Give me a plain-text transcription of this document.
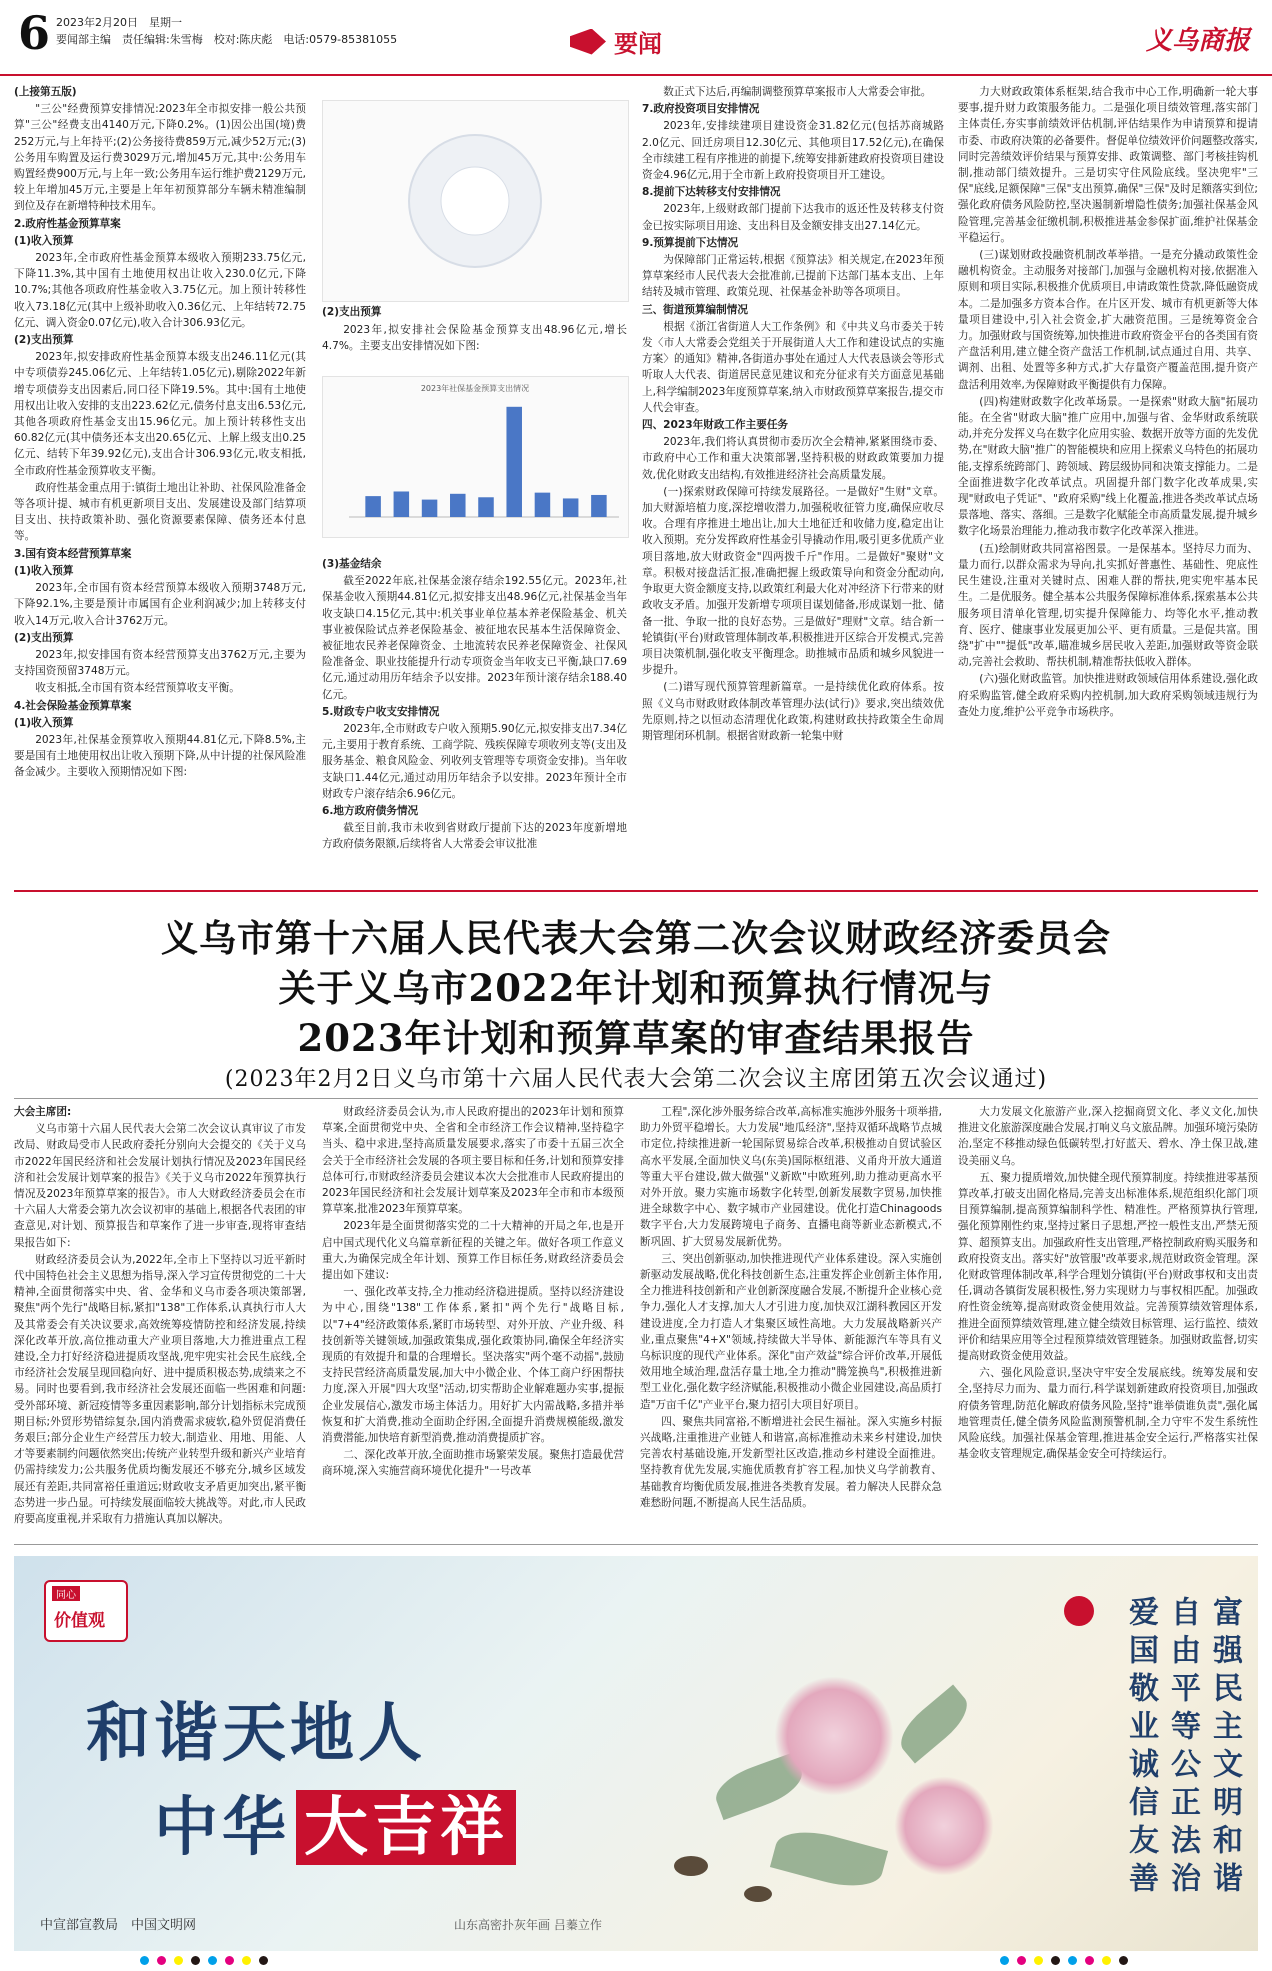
6 2023年2月20日　星期一
要闻部主编　责任编辑:朱雪梅　校对:陈庆彪　电话:0579-85381055	要闻	义乌商报

(上接第五版)

"三公"经费预算安排情况:2023年全市拟安排一般公共预算"三公"经费支出4140万元,下降0.2%。(1)因公出国(境)费252万元,与上年持平;(2)公务接待费859万元,减少52万元;(3)公务用车购置及运行费3029万元,增加45万元,其中:公务用车购置经费900万元,与上年一致;公务用车运行维护费2129万元,较上年增加45万元,主要是上年年初预算部分车辆未精准编制到位及存在新增特种技术用车。

2.政府性基金预算草案

(1)收入预算

2023年,全市政府性基金预算本级收入预期233.75亿元,下降11.3%,其中国有土地使用权出让收入230.0亿元,下降10.7%;其他各项政府性基金收入3.75亿元。加上预计转移性收入73.18亿元(其中上级补助收入0.36亿元、上年结转72.75亿元、调入资金0.07亿元),收入合计306.93亿元。

(2)支出预算

2023年,拟安排政府性基金预算本级支出246.11亿元(其中专项债券245.06亿元、上年结转1.05亿元),剔除2022年新增专项债券支出因素后,同口径下降19.5%。其中:国有土地使用权出让收入安排的支出223.62亿元,债务付息支出6.53亿元,其他各项政府性基金支出15.96亿元。加上预计转移性支出60.82亿元(其中债务还本支出20.65亿元、上解上级支出0.25亿元、结转下年39.92亿元),支出合计306.93亿元,收支相抵,全市政府性基金预算收支平衡。

政府性基金重点用于:镇街土地出让补助、社保风险准备金等各项计提、城市有机更新项目支出、发展建设及部门结算项目支出、扶持政策补助、强化资源要素保障、债务还本付息等。

3.国有资本经营预算草案

(1)收入预算

2023年,全市国有资本经营预算本级收入预期3748万元,下降92.1%,主要是预计市属国有企业利润减少;加上转移支付收入14万元,收入合计3762万元。

(2)支出预算

2023年,拟安排国有资本经营预算支出3762万元,主要为支持国资预留3748万元。

收支相抵,全市国有资本经营预算收支平衡。

4.社会保险基金预算草案

(1)收入预算

2023年,社保基金预算收入预期44.81亿元,下降8.5%,主要是国有土地使用权出让收入预期下降,从中计提的社保风险准备金减少。主要收入预期情况如下图:

(2)支出预算

2023年,拟安排社会保险基金预算支出48.96亿元,增长4.7%。主要支出安排情况如下图:

2023年社保基金预算支出情况

(3)基金结余

截至2022年底,社保基金滚存结余192.55亿元。2023年,社保基金收入预期44.81亿元,拟安排支出48.96亿元,社保基金当年收支缺口4.15亿元,其中:机关事业单位基本养老保险基金、机关事业被保险试点养老保险基金、被征地农民基本生活保障资金、被征地农民养老保障资金、土地流转农民养老保障资金、社保风险准备金、职业技能提升行动专项资金当年收支已平衡,缺口7.69亿元,通过动用历年结余予以安排。2023年预计滚存结余188.40亿元。

5.财政专户收支安排情况

2023年,全市财政专户收入预期5.90亿元,拟安排支出7.34亿元,主要用于教育系统、工商学院、残疾保障专项收列支等(支出及服务基金、粮食风险金、列收列支管理等专项资金安排)。当年收支缺口1.44亿元,通过动用历年结余予以安排。2023年预计全市财政专户滚存结余6.96亿元。

6.地方政府债务情况

截至目前,我市未收到省财政厅提前下达的2023年度新增地方政府债务限额,后续将省人大常委会审议批准

数正式下达后,再编制调整预算草案报市人大常委会审批。

7.政府投资项目安排情况

2023年,安排续建项目建设资金31.82亿元(包括苏商城路2.0亿元、回迁房项目12.30亿元、其他项目17.52亿元),在确保全市续建工程有序推进的前提下,统筹安排新建政府投资项目建设资金4.96亿元,用于全市新上政府投资项目开工建设。

8.提前下达转移支付安排情况

2023年,上级财政部门提前下达我市的返还性及转移支付资金已按实际项目用途、支出科目及金额安排支出27.14亿元。

9.预算提前下达情况

为保障部门正常运转,根据《预算法》相关规定,在2023年预算草案经市人民代表大会批准前,已提前下达部门基本支出、上年结转及城市管理、政策兑现、社保基金补助等各项项目。

三、街道预算编制情况

根据《浙江省街道人大工作条例》和《中共义乌市委关于转发〈市人大常委会党组关于开展街道人大工作和建设试点的实施方案〉的通知》精神,各街道办事处在通过人大代表恳谈会等形式听取人大代表、街道居民意见建议和充分征求有关方面意见基础上,科学编制2023年度预算草案,纳入市财政预算草案报告,提交市人代会审查。

四、2023年财政工作主要任务

2023年,我们将认真贯彻市委历次全会精神,紧紧围绕市委、市政府中心工作和重大决策部署,坚持积极的财政政策要加力提效,优化财政支出结构,有效推进经济社会高质量发展。

(一)探索财政保障可持续发展路径。一是做好"生财"文章。加大财源培植力度,深挖增收潜力,加强税收征管力度,确保应收尽收。合理有序推进土地出让,加大土地征迁和收储力度,稳定出让收入预期。充分发挥政府性基金引导撬动作用,吸引更多优质产业项目落地,放大财政资金"四两拨千斤"作用。二是做好"聚财"文章。积极对接盘活汇报,准确把握上级政策导向和资金分配动向,争取更大资金额度支持,以政策红利最大化对冲经济下行带来的财政收支矛盾。加强开发新增专项项目谋划储备,形成谋划一批、储备一批、争取一批的良好态势。三是做好"理财"文章。结合新一轮镇街(平台)财政管理体制改革,积极推进开区综合开发模式,完善项目决策机制,强化收支平衡理念。助推城市品质和城乡风貌进一步提升。

(二)谱写现代预算管理新篇章。一是持续优化政府体系。按照《义乌市财政财政体制改革管理办法(试行)》要求,突出绩效优先原则,持之以恒动态清理优化政策,构建财政扶持政策全生命周期管理闭环机制。根据省财政新一轮集中财

力大财政政策体系框架,结合我市中心工作,明确新一轮大事要事,提升财力政策服务能力。二是强化项目绩效管理,落实部门主体责任,夯实事前绩效评估机制,评估结果作为申请预算和提请市委、市政府决策的必备要件。督促单位绩效评价问题整改落实,同时完善绩效评价结果与预算安排、政策调整、部门考核挂钩机制,推动部门绩效提升。三是切实守住风险底线。坚决兜牢"三保"底线,足额保障"三保"支出预算,确保"三保"及时足额落实到位;强化政府债务风险防控,坚决遏制新增隐性债务;加强社保基金风险管理,完善基金征缴机制,积极推进基金参保扩面,维护社保基金平稳运行。

(三)谋划财政投融资机制改革举措。一是充分撬动政策性金融机构资金。主动服务对接部门,加强与金融机构对接,依据准入原则和项目实际,积极推介优质项目,申请政策性贷款,降低融资成本。二是加强多方资本合作。在片区开发、城市有机更新等大体量项目建设中,引入社会资金,扩大融资范围。三是统筹资金合力。加强财政与国资统筹,加快推进市政府资金平台的各类国有资产盘活利用,建立健全资产盘活工作机制,试点通过自用、共享、调剂、出租、处置等多种方式,扩大存量资产覆盖范围,提升资产盘活利用效率,为保障财政平衡提供有力保障。

(四)构建财政数字化改革场景。一是探索"财政大脑"拓展功能。在全省"财政大脑"推广应用中,加强与省、金华财政系统联动,并充分发挥义乌在数字化应用实验、数据开放等方面的先发优势,在"财政大脑"推广的智能模块和应用上探索义乌特色的拓展功能,支撑系统跨部门、跨领域、跨层级协同和决策支撑能力。二是全面推进数字化改革试点。巩固提升部门数字化改革成果,实现"财政电子凭证"、"政府采购"线上化覆盖,推进各类改革试点场景落地、落实、落细。三是数字化赋能全市高质量发展,提升城乡数字化场景治理能力,推动我市数字化改革深入推进。

(五)绘制财政共同富裕图景。一是保基本。坚持尽力而为、量力而行,以群众需求为导向,扎实抓好普惠性、基础性、兜底性民生建设,注重对关键时点、困难人群的帮扶,兜实兜牢基本民生。二是优服务。健全基本公共服务保障标准体系,探索基本公共服务项目清单化管理,切实提升保障能力、均等化水平,推动教育、医疗、健康事业发展更加公平、更有质量。三是促共富。围绕"扩中""提低"改革,瞄准城乡居民收入差距,加强财政等资金联动,完善社会救助、帮扶机制,精准帮扶低收入群体。

(六)强化财政监管。加快推进财政领域信用体系建设,强化政府采购监管,健全政府采购内控机制,加大政府采购领域违规行为查处力度,维护公平竞争市场秩序。

义乌市第十六届人民代表大会第二次会议财政经济委员会
关于义乌市2022年计划和预算执行情况与
2023年计划和预算草案的审查结果报告
(2023年2月2日义乌市第十六届人民代表大会第二次会议主席团第五次会议通过)

大会主席团:

义乌市第十六届人民代表大会第二次会议认真审议了市发改局、财政局受市人民政府委托分别向大会提交的《关于义乌市2022年国民经济和社会发展计划执行情况及2023年国民经济和社会发展计划草案的报告》《关于义乌市2022年预算执行情况及2023年预算草案的报告》。市人大财政经济委员会在市十六届人大常委会第九次会议初审的基础上,根据各代表团的审查意见,对计划、预算报告和草案作了进一步审查,现将审查结果报告如下:

财政经济委员会认为,2022年,全市上下坚持以习近平新时代中国特色社会主义思想为指导,深入学习宣传贯彻党的二十大精神,全面贯彻落实中央、省、金华和义乌市委各项决策部署,聚焦"两个先行"战略目标,紧扣"138"工作体系,认真执行市人大及其常委会有关决议要求,高效统筹疫情防控和经济发展,持续深化改革开放,高位推动重大产业项目落地,大力推进重点工程建设,全力打好经济稳进提质攻坚战,兜牢兜实社会民生底线,全市经济社会发展呈现回稳向好、进中提质积极态势,成绩来之不易。同时也要看到,我市经济社会发展还面临一些困难和问题:受外部环境、新冠疫情等多重因素影响,部分计划指标未完成预期目标;外贸形势错综复杂,国内消费需求疲软,稳外贸促消费任务艰巨;部分企业生产经营压力较大,制造业、用地、用能、人才等要素制约问题依然突出;传统产业转型升级和新兴产业培育仍需持续发力;公共服务优质均衡发展还不够充分,城乡区域发展还有差距,共同富裕任重道远;财政收支矛盾更加突出,紧平衡态势进一步凸显。可持续发展面临较大挑战等。对此,市人民政府要高度重视,并采取有力措施认真加以解决。

财政经济委员会认为,市人民政府提出的2023年计划和预算草案,全面贯彻党中央、全省和全市经济工作会议精神,坚持稳字当头、稳中求进,坚持高质量发展要求,落实了市委十五届三次全会关于全市经济社会发展的各项主要目标和任务,计划和预算安排总体可行,市财政经济委员会建议本次大会批准市人民政府提出的2023年国民经济和社会发展计划草案及2023年全市和市本级预算草案,批准2023年预算草案。

2023年是全面贯彻落实党的二十大精神的开局之年,也是开启中国式现代化义乌篇章新征程的关键之年。做好各项工作意义重大,为确保完成全年计划、预算工作目标任务,财政经济委员会提出如下建议:

一、强化改革支持,全力推动经济稳进提质。坚持以经济建设为中心,围绕"138"工作体系,紧扣"两个先行"战略目标,以"7+4"经济政策体系,紧盯市场转型、对外开放、产业升级、科技创新等关键领域,加强政策集成,强化政策协同,确保全年经济实现质的有效提升和量的合理增长。坚决落实"两个毫不动摇",鼓励支持民营经济高质量发展,加大中小微企业、个体工商户纾困帮扶力度,深入开展"四大攻坚"活动,切实帮助企业解难题办实事,提振企业发展信心,激发市场主体活力。用好扩大内需战略,多措并举恢复和扩大消费,推动全面助企纾困,全面提升消费规模能级,激发消费潜能,加快培育新型消费,推动消费提质扩容。

二、深化改革开放,全面助推市场繁荣发展。聚焦打造最优营商环境,深入实施营商环境优化提升"一号改革

工程",深化涉外服务综合改革,高标准实施涉外服务十项举措,助力外贸平稳增长。大力发展"地瓜经济",坚持双循环战略节点城市定位,持续推进新一轮国际贸易综合改革,积极推动自贸试验区高水平发展,全面加快义乌(东美)国际枢纽港、义甬舟开放大通道等重大平台建设,做大做强"义新欧"中欧班列,助力推动更高水平对外开放。聚力实施市场数字化转型,创新发展数字贸易,加快推进全球数字中心、数字城市产业园建设。优化打造Chinagoods数字平台,大力发展跨境电子商务、直播电商等新业态新模式,不断巩固、扩大贸易发展新优势。

三、突出创新驱动,加快推进现代产业体系建设。深入实施创新驱动发展战略,优化科技创新生态,注重发挥企业创新主体作用,全力推进科技创新和产业创新深度融合发展,不断提升企业核心竞争力,强化人才支撑,加大人才引进力度,加快双江湖科教园区开发建设进度,全力打造人才集聚区域性高地。大力发展战略新兴产业,重点聚焦"4+X"领域,持续做大半导体、新能源汽车等具有义乌标识度的现代产业体系。深化"亩产效益"综合评价改革,开展低效用地全域治理,盘活存量土地,全力推动"腾笼换鸟",积极推进新型工业化,强化数字经济赋能,积极推动小微企业园建设,高品质打造"万亩千亿"产业平台,聚力招引大项目好项目。

四、聚焦共同富裕,不断增进社会民生福祉。深入实施乡村振兴战略,注重推进产业链人和谐富,高标准推动未来乡村建设,加快完善农村基础设施,开发新型社区改造,推动乡村建设全面推进。坚持教育优先发展,实施优质教育扩容工程,加快义乌学前教育、基础教育均衡优质发展,推进各类教育发展。着力解决人民群众急难愁盼问题,不断提高人民生活品质。

大力发展文化旅游产业,深入挖掘商贸文化、孝义文化,加快推进文化旅游深度融合发展,打响义乌文旅品牌。加强环境污染防治,坚定不移推动绿色低碳转型,打好蓝天、碧水、净土保卫战,建设美丽义乌。

五、聚力提质增效,加快健全现代预算制度。持续推进零基预算改革,打破支出固化格局,完善支出标准体系,规范组织化部门项目预算编制,提高预算编制科学性、精准性。严格预算执行管理,强化预算刚性约束,坚持过紧日子思想,严控一般性支出,严禁无预算、超预算支出。加强政府性支出管理,严格控制政府购买服务和政府投资支出。落实好"放管服"改革要求,规范财政资金管理。深化财政管理体制改革,科学合理划分镇街(平台)财政事权和支出责任,调动各镇街发展积极性,努力实现财力与事权相匹配。加强政府性资金统筹,提高财政资金使用效益。完善预算绩效管理体系,推进全面预算绩效管理,建立健全绩效目标管理、运行监控、绩效评价和结果应用等全过程预算绩效管理链条。加强财政监督,切实提高财政资金使用效益。

六、强化风险意识,坚决守牢安全发展底线。统筹发展和安全,坚持尽力而为、量力而行,科学谋划新建政府投资项目,加强政府债务管理,防范化解政府债务风险,坚持"谁举债谁负责",强化属地管理责任,健全债务风险监测预警机制,全力守牢不发生系统性风险底线。加强社保基金管理,推进基金安全运行,严格落实社保基金收支管理规定,确保基金安全可持续运行。

同心
价值观
和谐天地人
中华 大吉祥	富强民主文明和谐
自由平等公正法治
爱国敬业诚信友善
中宣部宣教局　中国文明网	山东高密扑灰年画 吕蓁立作
